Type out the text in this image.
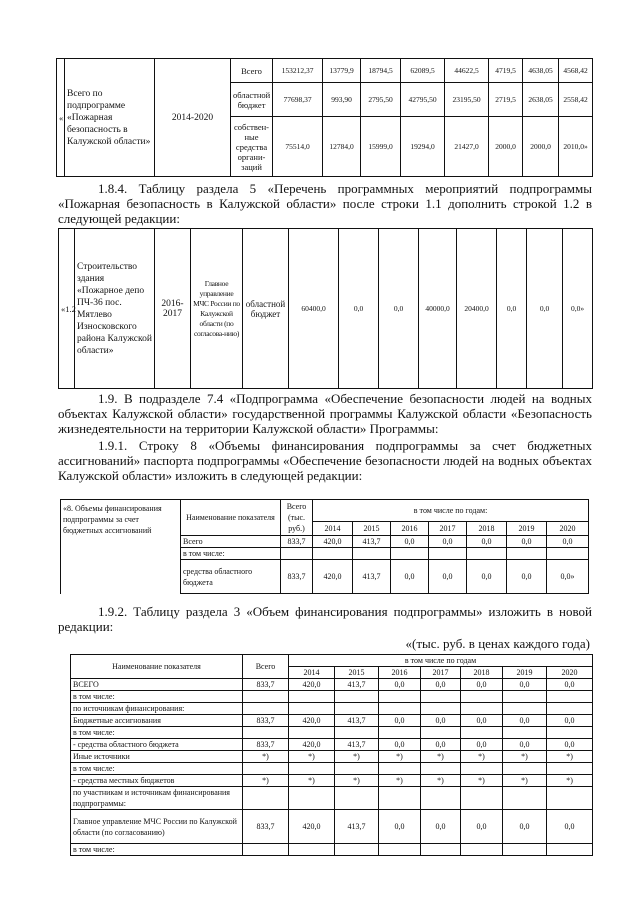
«	Всего по подпрограмме «Пожарная безопасность в Калужской области»	2014-2020	Всего	153212,37	13779,9	18794,5	62089,5	44622,5	4719,5	4638,05	4568,42
			областной бюджет	77698,37	993,90	2795,50	42795,50	23195,50	2719,5	2638,05	2558,42
			собствен-ные средства органи-заций	75514,0	12784,0	15999,0	19294,0	21427,0	2000,0	2000,0	2010,0»

1.8.4. Таблицу раздела 5 «Перечень программных мероприятий подпрограммы «Пожарная безопасность в Калужской области» после строки 1.1 дополнить строкой 1.2 в следующей редакции:

«1.2	Строительство здания «Пожарное депо ПЧ-36 пос. Мятлево Износковского района Калужской области»	2016-2017	Главное управление МЧС России по Калужской области (по согласова-нию)	областной бюджет	60400,0	0,0	0,0	40000,0	20400,0	0,0	0,0	0,0»

1.9. В подразделе 7.4 «Подпрограмма «Обеспечение безопасности людей на водных объектах Калужской области» государственной программы Калужской области «Безопасность жизнедеятельности на территории Калужской области» Программы:

1.9.1. Строку 8 «Объемы финансирования подпрограммы за счет бюджетных ассигнований» паспорта подпрограммы «Обеспечение безопасности людей на водных объектах Калужской области» изложить в следующей редакции:

«8. Объемы финансирования подпрограммы за счет бюджетных ассигнований	Наименование показателя	Всего (тыс. руб.)	в том числе по годам:						
			2014	2015	2016	2017	2018	2019	2020
	Всего	833,7	420,0	413,7	0,0	0,0	0,0	0,0	0,0
	в том числе:								
	средства областного бюджета	833,7	420,0	413,7	0,0	0,0	0,0	0,0	0,0»

1.9.2. Таблицу раздела 3 «Объем финансирования подпрограммы» изложить в новой редакции:

«(тыс. руб. в ценах каждого года)
Наименование показателя	Всего	в том числе по годам						
		2014	2015	2016	2017	2018	2019	2020
ВСЕГО	833,7	420,0	413,7	0,0	0,0	0,0	0,0	0,0
в том числе:								
по источникам финансирования:								
Бюджетные ассигнования	833,7	420,0	413,7	0,0	0,0	0,0	0,0	0,0
в том числе:								
- средства областного бюджета	833,7	420,0	413,7	0,0	0,0	0,0	0,0	0,0
Иные источники	*)	*)	*)	*)	*)	*)	*)	*)
в том числе:								
- средства местных бюджетов	*)	*)	*)	*)	*)	*)	*)	*)
по участникам и источникам финансирования подпрограммы:								
Главное управление МЧС России по Калужской области (по согласованию)	833,7	420,0	413,7	0,0	0,0	0,0	0,0	0,0
в том числе:								
